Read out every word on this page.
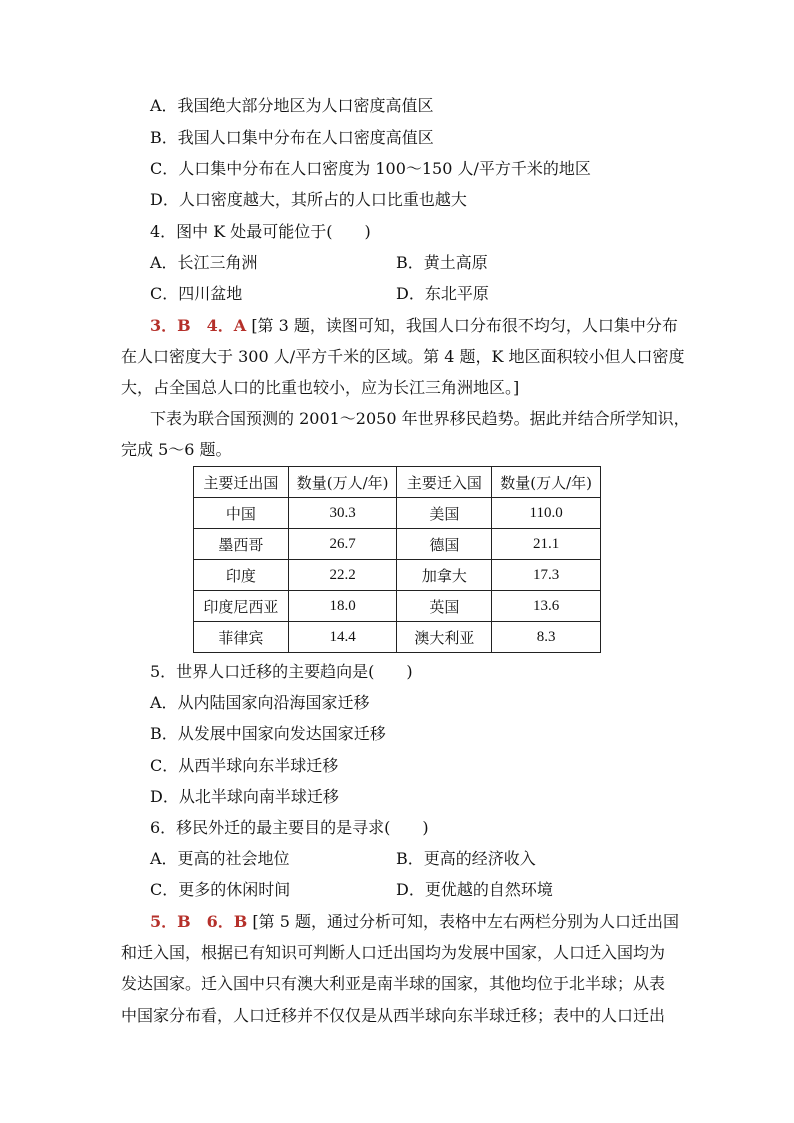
A．我国绝大部分地区为人口密度高值区
B．我国人口集中分布在人口密度高值区
C．人口集中分布在人口密度为 100～150 人/平方千米的地区
D．人口密度越大，其所占的人口比重也越大
4．图中 K 处最可能位于(　　)
A．长江三角洲	B．黄土高原
C．四川盆地	D．东北平原
3．B　4．A [第 3 题，读图可知，我国人口分布很不均匀，人口集中分布
在人口密度大于 300 人/平方千米的区域。第 4 题，K 地区面积较小但人口密度
大，占全国总人口的比重也较小，应为长江三角洲地区。]
下表为联合国预测的 2001～2050 年世界移民趋势。据此并结合所学知识，
完成 5～6 题。
主要迁出国	数量(万人/年)	主要迁入国	数量(万人/年)
中国	30.3	美国	110.0
墨西哥	26.7	德国	21.1
印度	22.2	加拿大	17.3
印度尼西亚	18.0	英国	13.6
菲律宾	14.4	澳大利亚	8.3
5．世界人口迁移的主要趋向是(　　)
A．从内陆国家向沿海国家迁移
B．从发展中国家向发达国家迁移
C．从西半球向东半球迁移
D．从北半球向南半球迁移
6．移民外迁的最主要目的是寻求(　　)
A．更高的社会地位	B．更高的经济收入
C．更多的休闲时间	D．更优越的自然环境
5．B　6．B [第 5 题，通过分析可知，表格中左右两栏分别为人口迁出国
和迁入国，根据已有知识可判断人口迁出国均为发展中国家，人口迁入国均为
发达国家。迁入国中只有澳大利亚是南半球的国家，其他均位于北半球；从表
中国家分布看，人口迁移并不仅仅是从西半球向东半球迁移；表中的人口迁出
